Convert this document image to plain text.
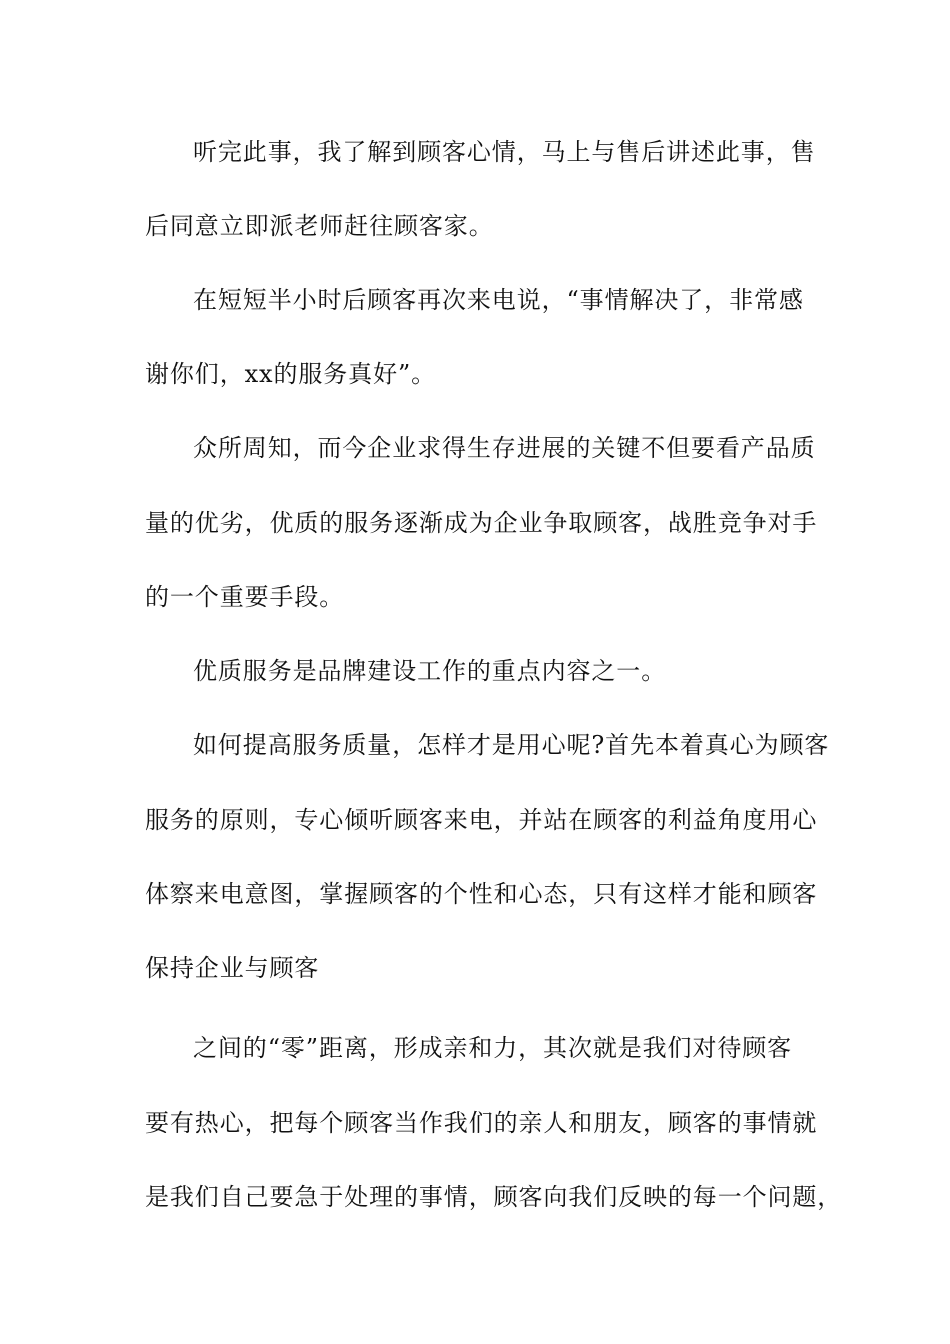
听完此事，我了解到顾客心情，马上与售后讲述此事，售

后同意立即派老师赶往顾客家。

在短短半小时后顾客再次来电说，“事情解决了，非常感

谢你们，xx的服务真好”。

众所周知，而今企业求得生存进展的关键不但要看产品质

量的优劣，优质的服务逐渐成为企业争取顾客，战胜竞争对手

的一个重要手段。

优质服务是品牌建设工作的重点内容之一。

如何提高服务质量，怎样才是用心呢?首先本着真心为顾客

服务的原则，专心倾听顾客来电，并站在顾客的利益角度用心

体察来电意图，掌握顾客的个性和心态，只有这样才能和顾客

保持企业与顾客

之间的“零”距离，形成亲和力，其次就是我们对待顾客

要有热心，把每个顾客当作我们的亲人和朋友，顾客的事情就

是我们自己要急于处理的事情，顾客向我们反映的每一个问题，
